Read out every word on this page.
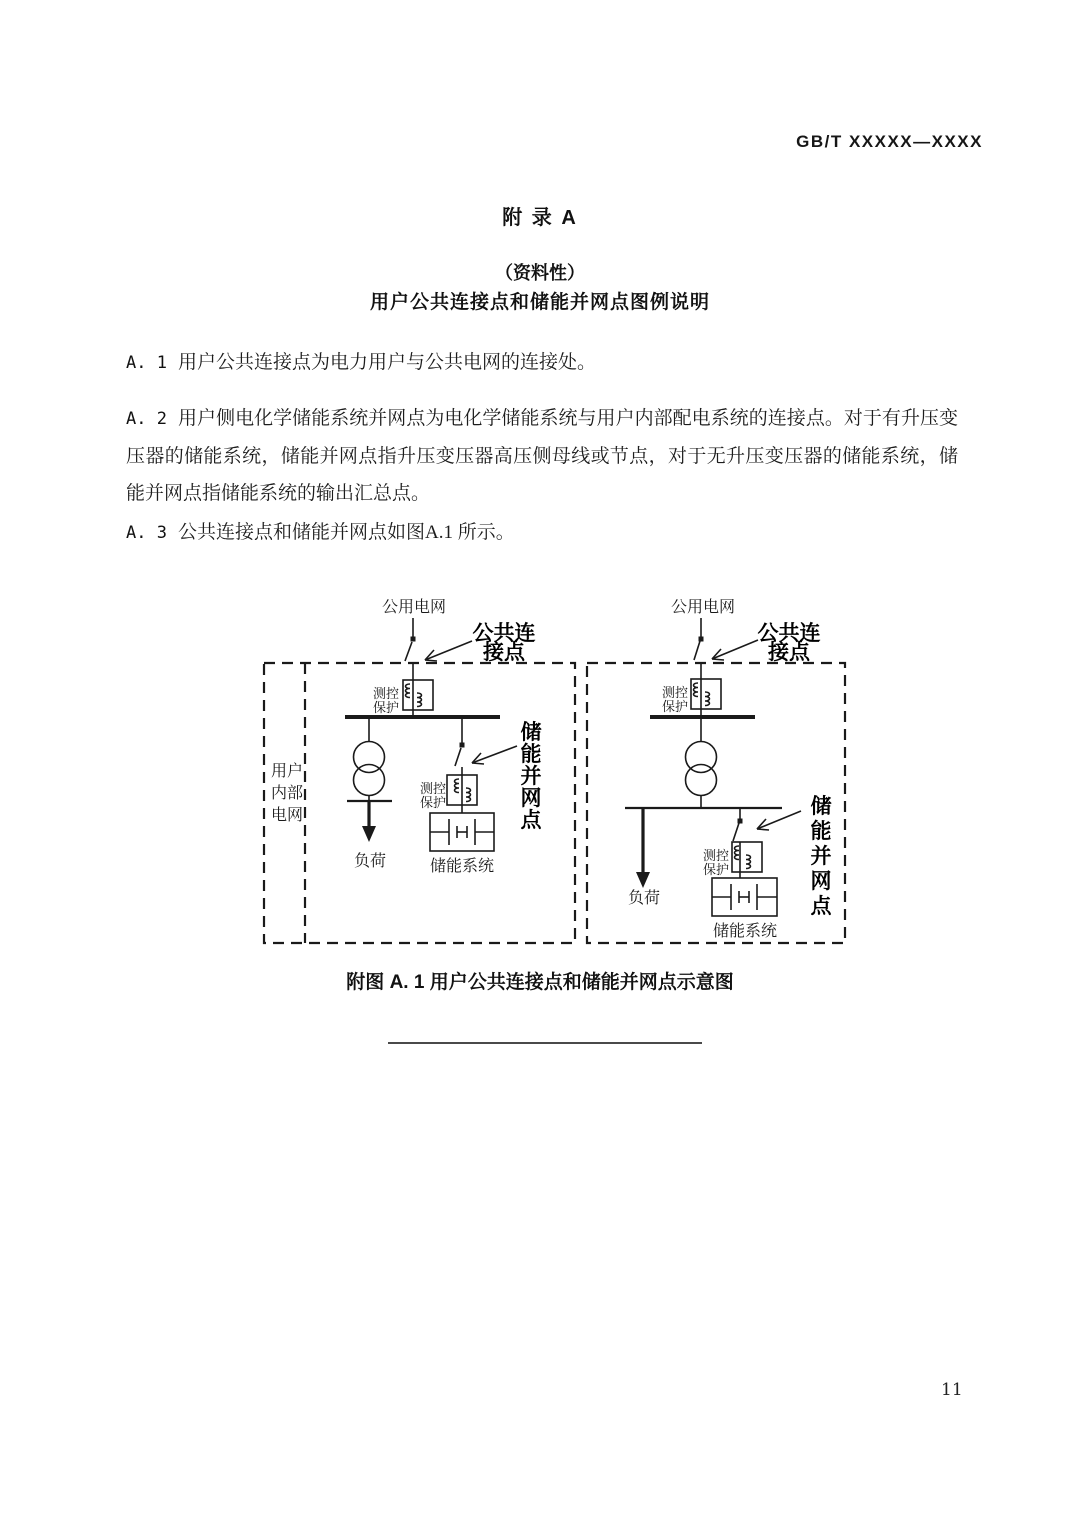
GB/T XXXXX—XXXX
附 录 A
（资料性）
用户公共连接点和储能并网点图例说明
A. 1 用户公共连接点为电力用户与公共电网的连接处。
A. 2 用户侧电化学储能系统并网点为电化学储能系统与用户内部配电系统的连接点。对于有升压变压器的储能系统，储能并网点指升压变压器高压侧母线或节点，对于无升压变压器的储能系统，储能并网点指储能系统的输出汇总点。
A. 3 公共连接点和储能并网点如图A.1 所示。
用户
内部
电网
公用电网
公共连
接点
测控
保护
负荷
储
能
并
网
点
测控
保护
储能系统
公用电网
公共连
接点
测控
保护
负荷
储
能
并
网
点
测控
保护
储能系统
附图 A. 1 用户公共连接点和储能并网点示意图
11
